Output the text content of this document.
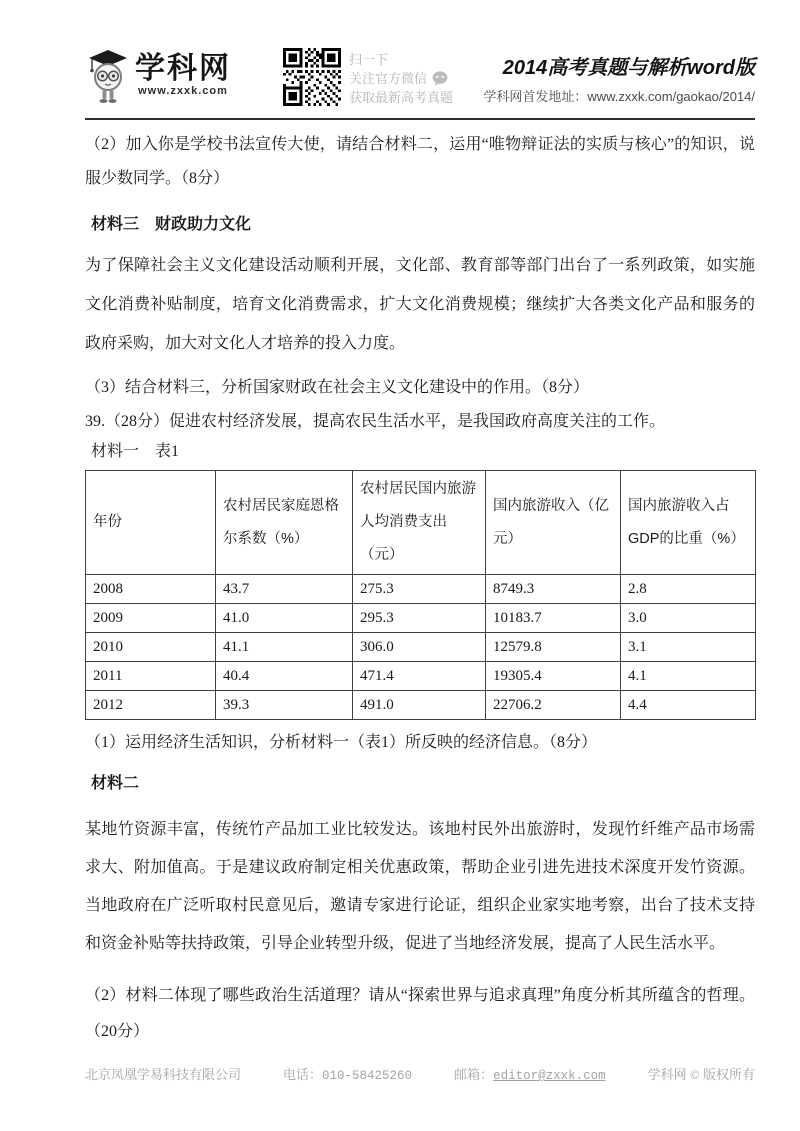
学科网
www.zxxk.com
扫一下
关注官方微信
获取最新高考真题
2014高考真题与解析word版
学科网首发地址：www.zxxk.com/gaokao/2014/

（2）加入你是学校书法宣传大使，请结合材料二，运用“唯物辩证法的实质与核心”的知识，说服少数同学。（8分）

材料三　财政助力文化

为了保障社会主义文化建设活动顺利开展，文化部、教育部等部门出台了一系列政策，如实施文化消费补贴制度，培育文化消费需求，扩大文化消费规模；继续扩大各类文化产品和服务的政府采购，加大对文化人才培养的投入力度。

（3）结合材料三，分析国家财政在社会主义文化建设中的作用。（8分）

39.（28分）促进农村经济发展，提高农民生活水平，是我国政府高度关注的工作。

材料一　表1

年份	农村居民家庭恩格尔系数（%）	农村居民国内旅游人均消费支出（元）	国内旅游收入（亿元）	国内旅游收入占GDP的比重（%）
2008	43.7	275.3	8749.3	2.8
2009	41.0	295.3	10183.7	3.0
2010	41.1	306.0	12579.8	3.1
2011	40.4	471.4	19305.4	4.1
2012	39.3	491.0	22706.2	4.4

（1）运用经济生活知识，分析材料一（表1）所反映的经济信息。（8分）

材料二

某地竹资源丰富，传统竹产品加工业比较发达。该地村民外出旅游时，发现竹纤维产品市场需求大、附加值高。于是建议政府制定相关优惠政策，帮助企业引进先进技术深度开发竹资源。当地政府在广泛听取村民意见后，邀请专家进行论证，组织企业家实地考察，出台了技术支持和资金补贴等扶持政策，引导企业转型升级，促进了当地经济发展，提高了人民生活水平。

（2）材料二体现了哪些政治生活道理？请从“探索世界与追求真理”角度分析其所蕴含的哲理。（20分）

北京凤凰学易科技有限公司	电话： 010-58425260	邮箱： editor@zxxk.com	学科网 © 版权所有
